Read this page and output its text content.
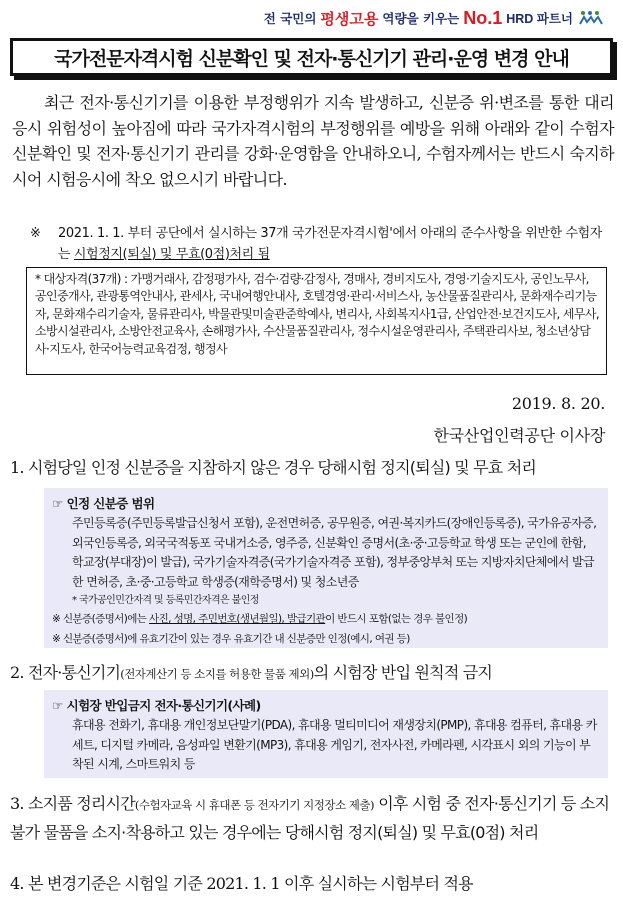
전 국민의 평생고용 역량을 키우는 No.1 HRD 파트너
국가전문자격시험 신분확인 및 전자·통신기기 관리·운영 변경 안내

최근 전자·통신기기를 이용한 부정행위가 지속 발생하고, 신분증 위·변조를 통한 대리응시 위험성이 높아짐에 따라 국가자격시험의 부정행위를 예방을 위해 아래와 같이 수험자 신분확인 및 전자·통신기기 관리를 강화·운영함을 안내하오니, 수험자께서는 반드시 숙지하시어 시험응시에 착오 없으시기 바랍니다.

※	2021. 1. 1. 부터 공단에서 실시하는 37개 국가전문자격시험'에서 아래의 준수사항을 위반한 수험자는 시험정지(퇴실) 및 무효(0점)처리 됨

* 대상자격(37개) : 가맹거래사, 감정평가사, 검수·검량·감정사, 경매사, 경비지도사, 경영·기술지도사, 공인노무사, 공인중개사, 관광통역안내사, 관세사, 국내여행안내사, 호텔경영·관리·서비스사, 농산물품질관리사, 문화재수리기능자, 문화재수리기술자, 물류관리사, 박물관및미술관준학예사, 변리사, 사회복지사1급, 산업안전·보건지도사, 세무사, 소방시설관리사, 소방안전교육사, 손해평가사, 수산물품질관리사, 정수시설운영관리사, 주택관리사보, 청소년상담사·지도사, 한국어능력교육검정, 행정사

2019. 8. 20.
한국산업인력공단 이사장
1. 시험당일 인정 신분증을 지참하지 않은 경우 당해시험 정지(퇴실) 및 무효 처리
☞ 인정 신분증 범위
주민등록증(주민등록발급신청서 포함), 운전면허증, 공무원증, 여권·복지카드(장애인등록증), 국가유공자증, 외국인등록증, 외국국적동포 국내거소증, 영주증, 신분확인 증명서(초·중·고등학교 학생 또는 군인에 한함, 학교장(부대장)이 발급), 국가기술자격증(국가기술자격증 포함), 정부중앙부처 또는 지방자치단체에서 발급한 면허증, 초·중·고등학교 학생증(재학증명서) 및 청소년증
* 국가공인민간자격 및 등록민간자격은 불인정
※ 신분증(증명서)에는 사진, 성명, 주민번호(생년월일), 발급기관이 반드시 포함(없는 경우 불인정)
※ 신분증(증명서)에 유효기간이 있는 경우 유효기간 내 신분증만 인정(예시, 여권 등)
2. 전자·통신기기(전자계산기 등 소지를 허용한 물품 제외)의 시험장 반입 원칙적 금지
☞ 시험장 반입금지 전자·통신기기(사례)
휴대용 전화기, 휴대용 개인정보단말기(PDA), 휴대용 멀티미디어 재생장치(PMP), 휴대용 컴퓨터, 휴대용 카세트, 디지털 카메라, 음성파일 변환기(MP3), 휴대용 게임기, 전자사전, 카메라펜, 시각표시 외의 기능이 부착된 시계, 스마트워치 등
3. 소지품 정리시간(수험자교육 시 휴대폰 등 전자기기 지정장소 제출) 이후 시험 중 전자·통신기기 등 소지불가 물품을 소지·착용하고 있는 경우에는 당해시험 정지(퇴실) 및 무효(0점) 처리
4. 본 변경기준은 시험일 기준 2021. 1. 1 이후 실시하는 시험부터 적용
